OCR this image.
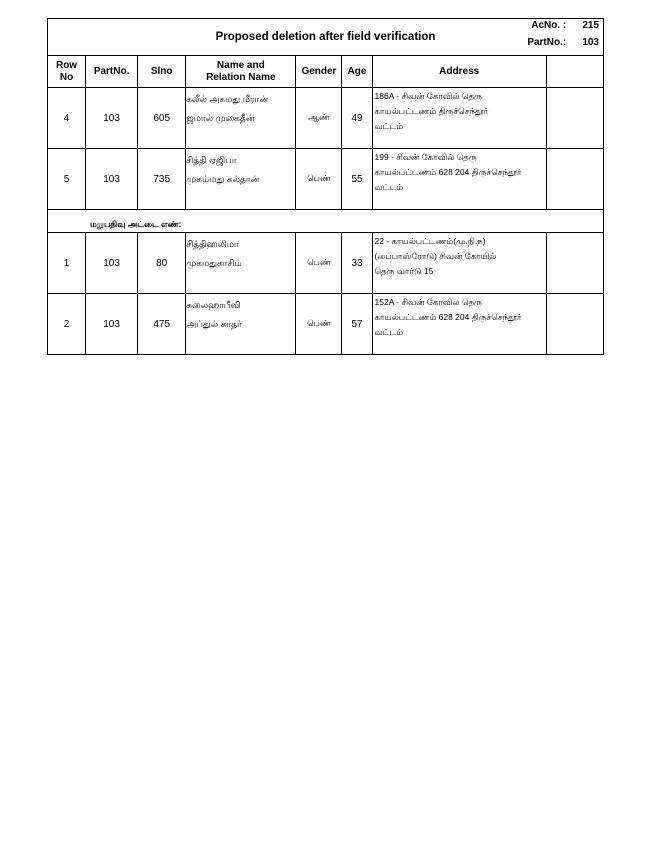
Proposed deletion after field verification
AcNo. : 215
PartNo.: 103
Row No	PartNo.	Slno	Name and
Relation Name	Gender	Age	Address	
4	103	605	கலீல் அகமது மீரான்
ஜமால் முகைதீன்	ஆண்	49	186A - சிவன் கோவில் தெரு
காயல்பட்டணம் திருச்செந்தூர்
வட்டம்	

5	103	735	சித்தி ஏஜிபா
முகம்மது கல்தான்	பெண்	55	199 - சிவன் கோவில் தெரு
காயல்பட்டணம் 628 204 திருச்செந்தூர்
வட்டம்	

மறுபதிவு அட்டை எண்:							

1	103	80	சித்திஹலிமா
முகமதுகாசிம்	பெண்	33	22 - காயல்பட்டணம்(மு.நி.ந)
(பைபாஸ்ரோடு) சிவன் கோயில்
தெரு வார்டு 15	

2	103	475	சுலைஹாபீவி
அப்துல் காதர்	பெண்	57	152A - சிவன் கோவில தெரு
காயல்பட்டணம் 628 204 திருச்செந்தூர்
வட்டம்	
